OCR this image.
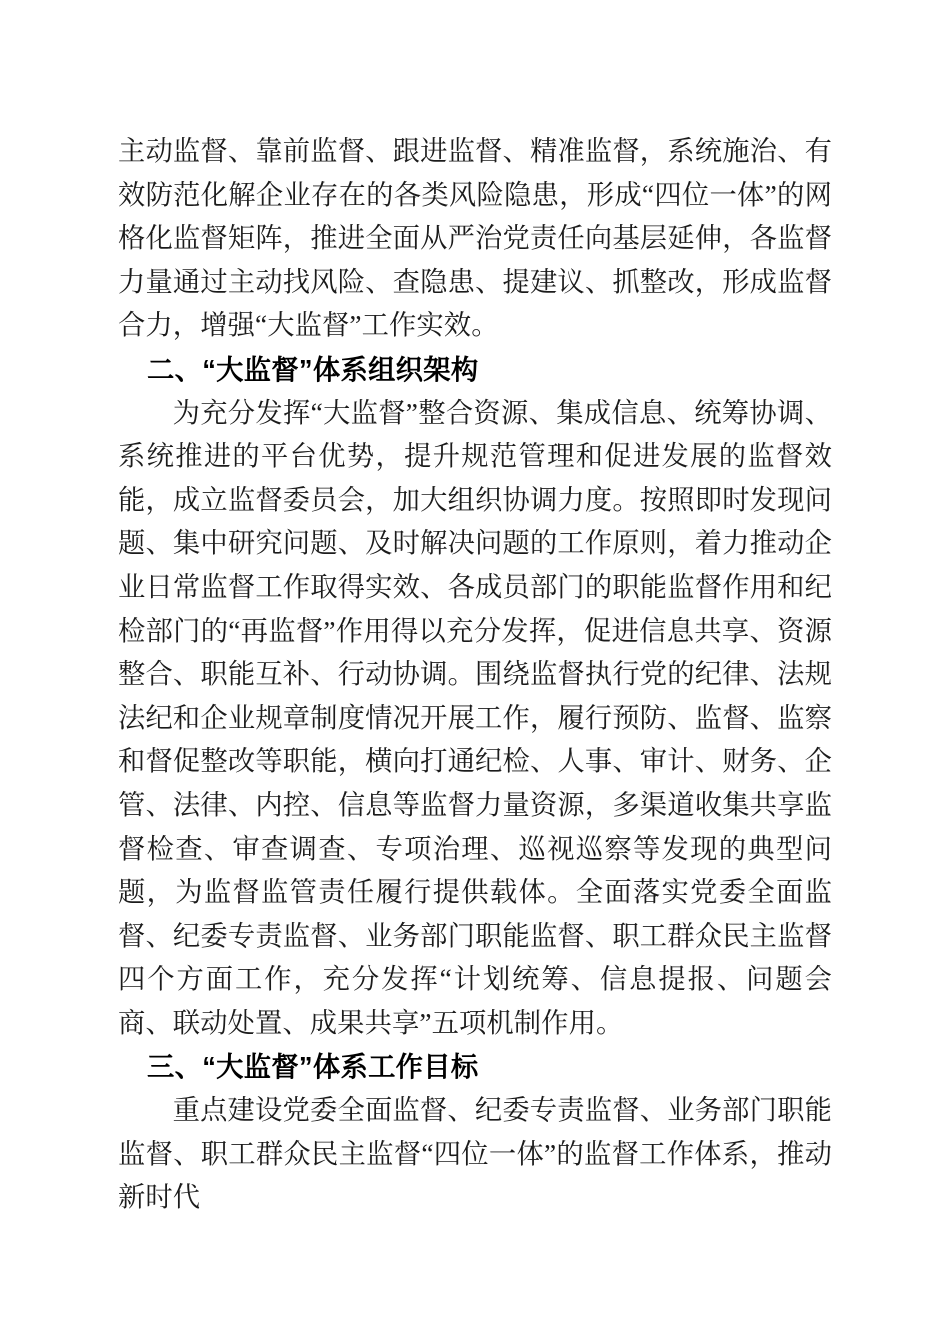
主动监督、靠前监督、跟进监督、精准监督，系统施治、有效防范化解企业存在的各类风险隐患，形成“四位一体”的网格化监督矩阵，推进全面从严治党责任向基层延伸，各监督力量通过主动找风险、查隐患、提建议、抓整改，形成监督合力，增强“大监督”工作实效。

二、“大监督”体系组织架构

为充分发挥“大监督”整合资源、集成信息、统筹协调、系统推进的平台优势，提升规范管理和促进发展的监督效能，成立监督委员会，加大组织协调力度。按照即时发现问题、集中研究问题、及时解决问题的工作原则，着力推动企业日常监督工作取得实效、各成员部门的职能监督作用和纪检部门的“再监督”作用得以充分发挥，促进信息共享、资源整合、职能互补、行动协调。围绕监督执行党的纪律、法规法纪和企业规章制度情况开展工作，履行预防、监督、监察和督促整改等职能，横向打通纪检、人事、审计、财务、企管、法律、内控、信息等监督力量资源，多渠道收集共享监督检查、审查调查、专项治理、巡视巡察等发现的典型问题，为监督监管责任履行提供载体。全面落实党委全面监督、纪委专责监督、业务部门职能监督、职工群众民主监督四个方面工作，充分发挥“计划统筹、信息提报、问题会商、联动处置、成果共享”五项机制作用。

三、“大监督”体系工作目标

重点建设党委全面监督、纪委专责监督、业务部门职能监督、职工群众民主监督“四位一体”的监督工作体系，推动新时代
